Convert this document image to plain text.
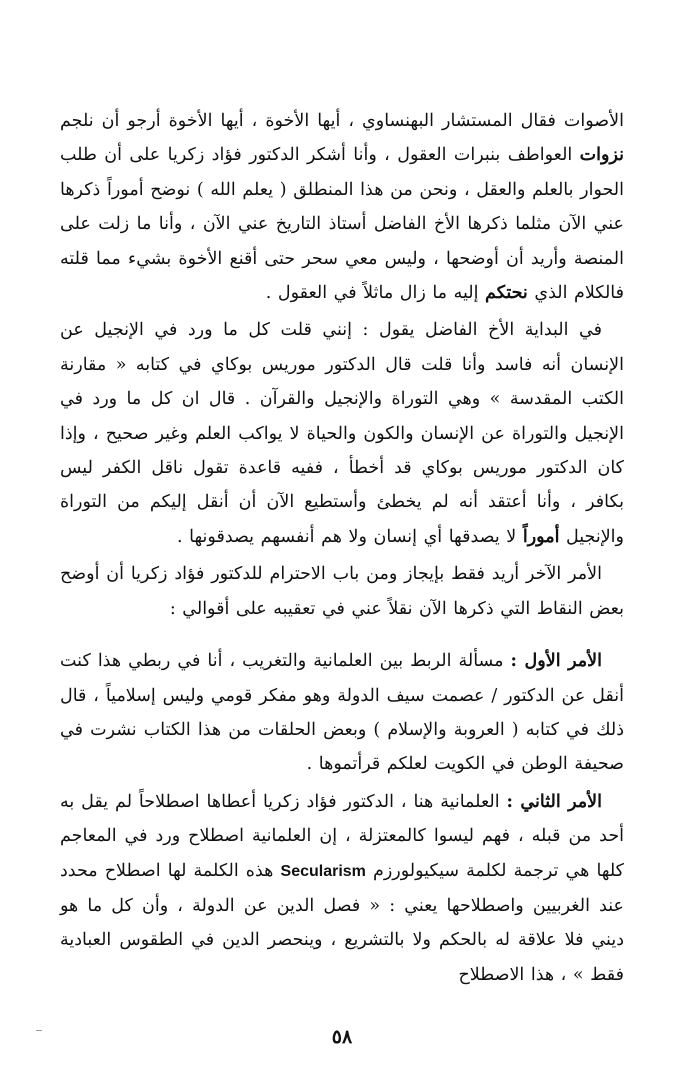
الأصوات فقال المستشار البهنساوي ، أيها الأخوة ، أيها الأخوة أرجو أن نلجم نزوات العواطف بنبرات العقول ، وأنا أشكر الدكتور فؤاد زكريا على أن طلب الحوار بالعلم والعقل ، ونحن من هذا المنطلق ( يعلم الله ) نوضح أموراً ذكرها عني الآن مثلما ذكرها الأخ الفاضل أستاذ التاريخ عني الآن ، وأنا ما زلت على المنصة وأريد أن أوضحها ، وليس معي سحر حتى أقنع الأخوة بشيء مما قلته فالكلام الذي نحتكم إليه ما زال ماثلاً في العقول .

في البداية الأخ الفاضل يقول : إنني قلت كل ما ورد في الإنجيل عن الإنسان أنه فاسد وأنا قلت قال الدكتور موريس بوكاي في كتابه « مقارنة الكتب المقدسة » وهي التوراة والإنجيل والقرآن . قال ان كل ما ورد في الإنجيل والتوراة عن الإنسان والكون والحياة لا يواكب العلم وغير صحيح ، وإذا كان الدكتور موريس بوكاي قد أخطأ ، ففيه قاعدة تقول ناقل الكفر ليس بكافر ، وأنا أعتقد أنه لم يخطئ وأستطيع الآن أن أنقل إليكم من التوراة والإنجيل أموراً لا يصدقها أي إنسان ولا هم أنفسهم يصدقونها .

الأمر الآخر أريد فقط بإيجاز ومن باب الاحترام للدكتور فؤاد زكريا أن أوضح بعض النقاط التي ذكرها الآن نقلاً عني في تعقيبه على أقوالي :

الأمر الأول : مسألة الربط بين العلمانية والتغريب ، أنا في ربطي هذا كنت أنقل عن الدكتور / عصمت سيف الدولة وهو مفكر قومي وليس إسلامياً ، قال ذلك في كتابه ( العروبة والإسلام ) وبعض الحلقات من هذا الكتاب نشرت في صحيفة الوطن في الكويت لعلكم قرأتموها .

الأمر الثاني : العلمانية هنا ، الدكتور فؤاد زكريا أعطاها اصطلاحاً لم يقل به أحد من قبله ، فهم ليسوا كالمعتزلة ، إن العلمانية اصطلاح ورد في المعاجم كلها هي ترجمة لكلمة سيكيولورزم Secularism هذه الكلمة لها اصطلاح محدد عند الغربيين واصطلاحها يعني : « فصل الدين عن الدولة ، وأن كل ما هو ديني فلا علاقة له بالحكم ولا بالتشريع ، وينحصر الدين في الطقوس العبادية فقط » ، هذا الاصطلاح

٥٨
